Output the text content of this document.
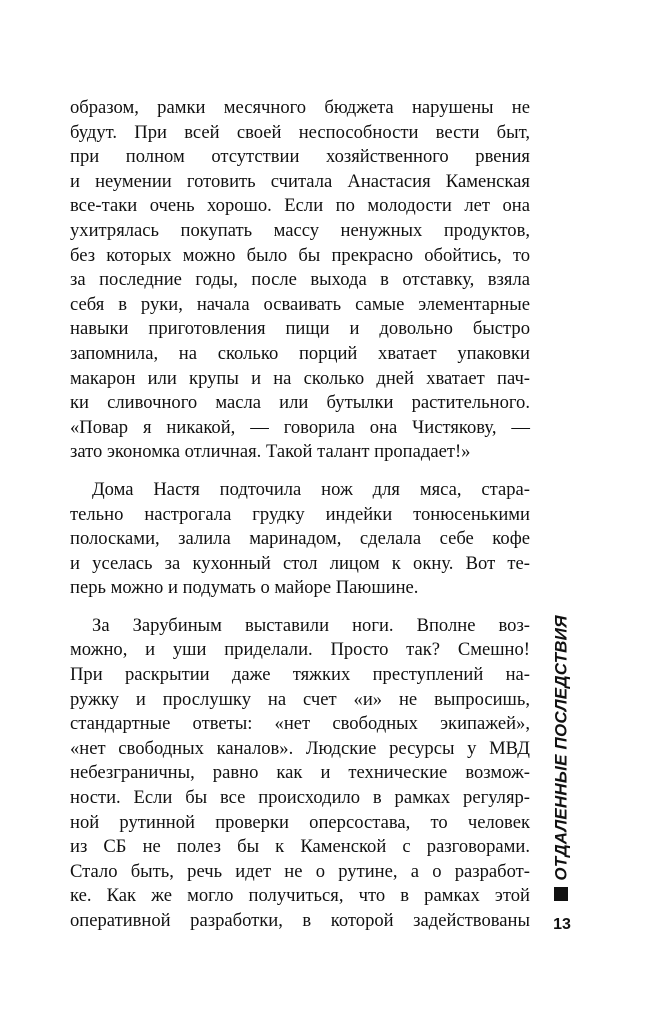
образом, рамки месячного бюджета нарушены не
будут. При всей своей неспособности вести быт,
при полном отсутствии хозяйственного рвения
и неумении готовить считала Анастасия Каменская
все-таки очень хорошо. Если по молодости лет она
ухитрялась покупать массу ненужных продуктов,
без которых можно было бы прекрасно обойтись, то
за последние годы, после выхода в отставку, взяла
себя в руки, начала осваивать самые элементарные
навыки приготовления пищи и довольно быстро
запомнила, на сколько порций хватает упаковки
макарон или крупы и на сколько дней хватает пач-
ки сливочного масла или бутылки растительного.
«Повар я никакой, — говорила она Чистякову, —
зато экономка отличная. Такой талант пропадает!»
Дома Настя подточила нож для мяса, старa-
тельно настрогала грудку индейки тонюсенькими
полосками, залила маринадом, сделала себе кофе
и уселась за кухонный стол лицом к окну. Вот те-
перь можно и подумать о майоре Паюшине.
За Зарубиным выставили ноги. Вполне воз-
можно, и уши приделали. Просто так? Смешно!
При раскрытии даже тяжких преступлений на-
ружку и прослушку на счет «и» не выпросишь,
стандартные ответы: «нет свободных экипажей»,
«нет свободных каналов». Людские ресурсы у МВД
небезграничны, равно как и технические возмож-
ности. Если бы все происходило в рамках регуляр-
ной рутинной проверки оперсостава, то человек
из СБ не полез бы к Каменской с разговорами.
Стало быть, речь идет не о рутине, а о разработ-
ке. Как же могло получиться, что в рамках этой
оперативной разработки, в которой задействованы
ОТДАЛЕННЫЕ ПОСЛЕДСТВИЯ
13
